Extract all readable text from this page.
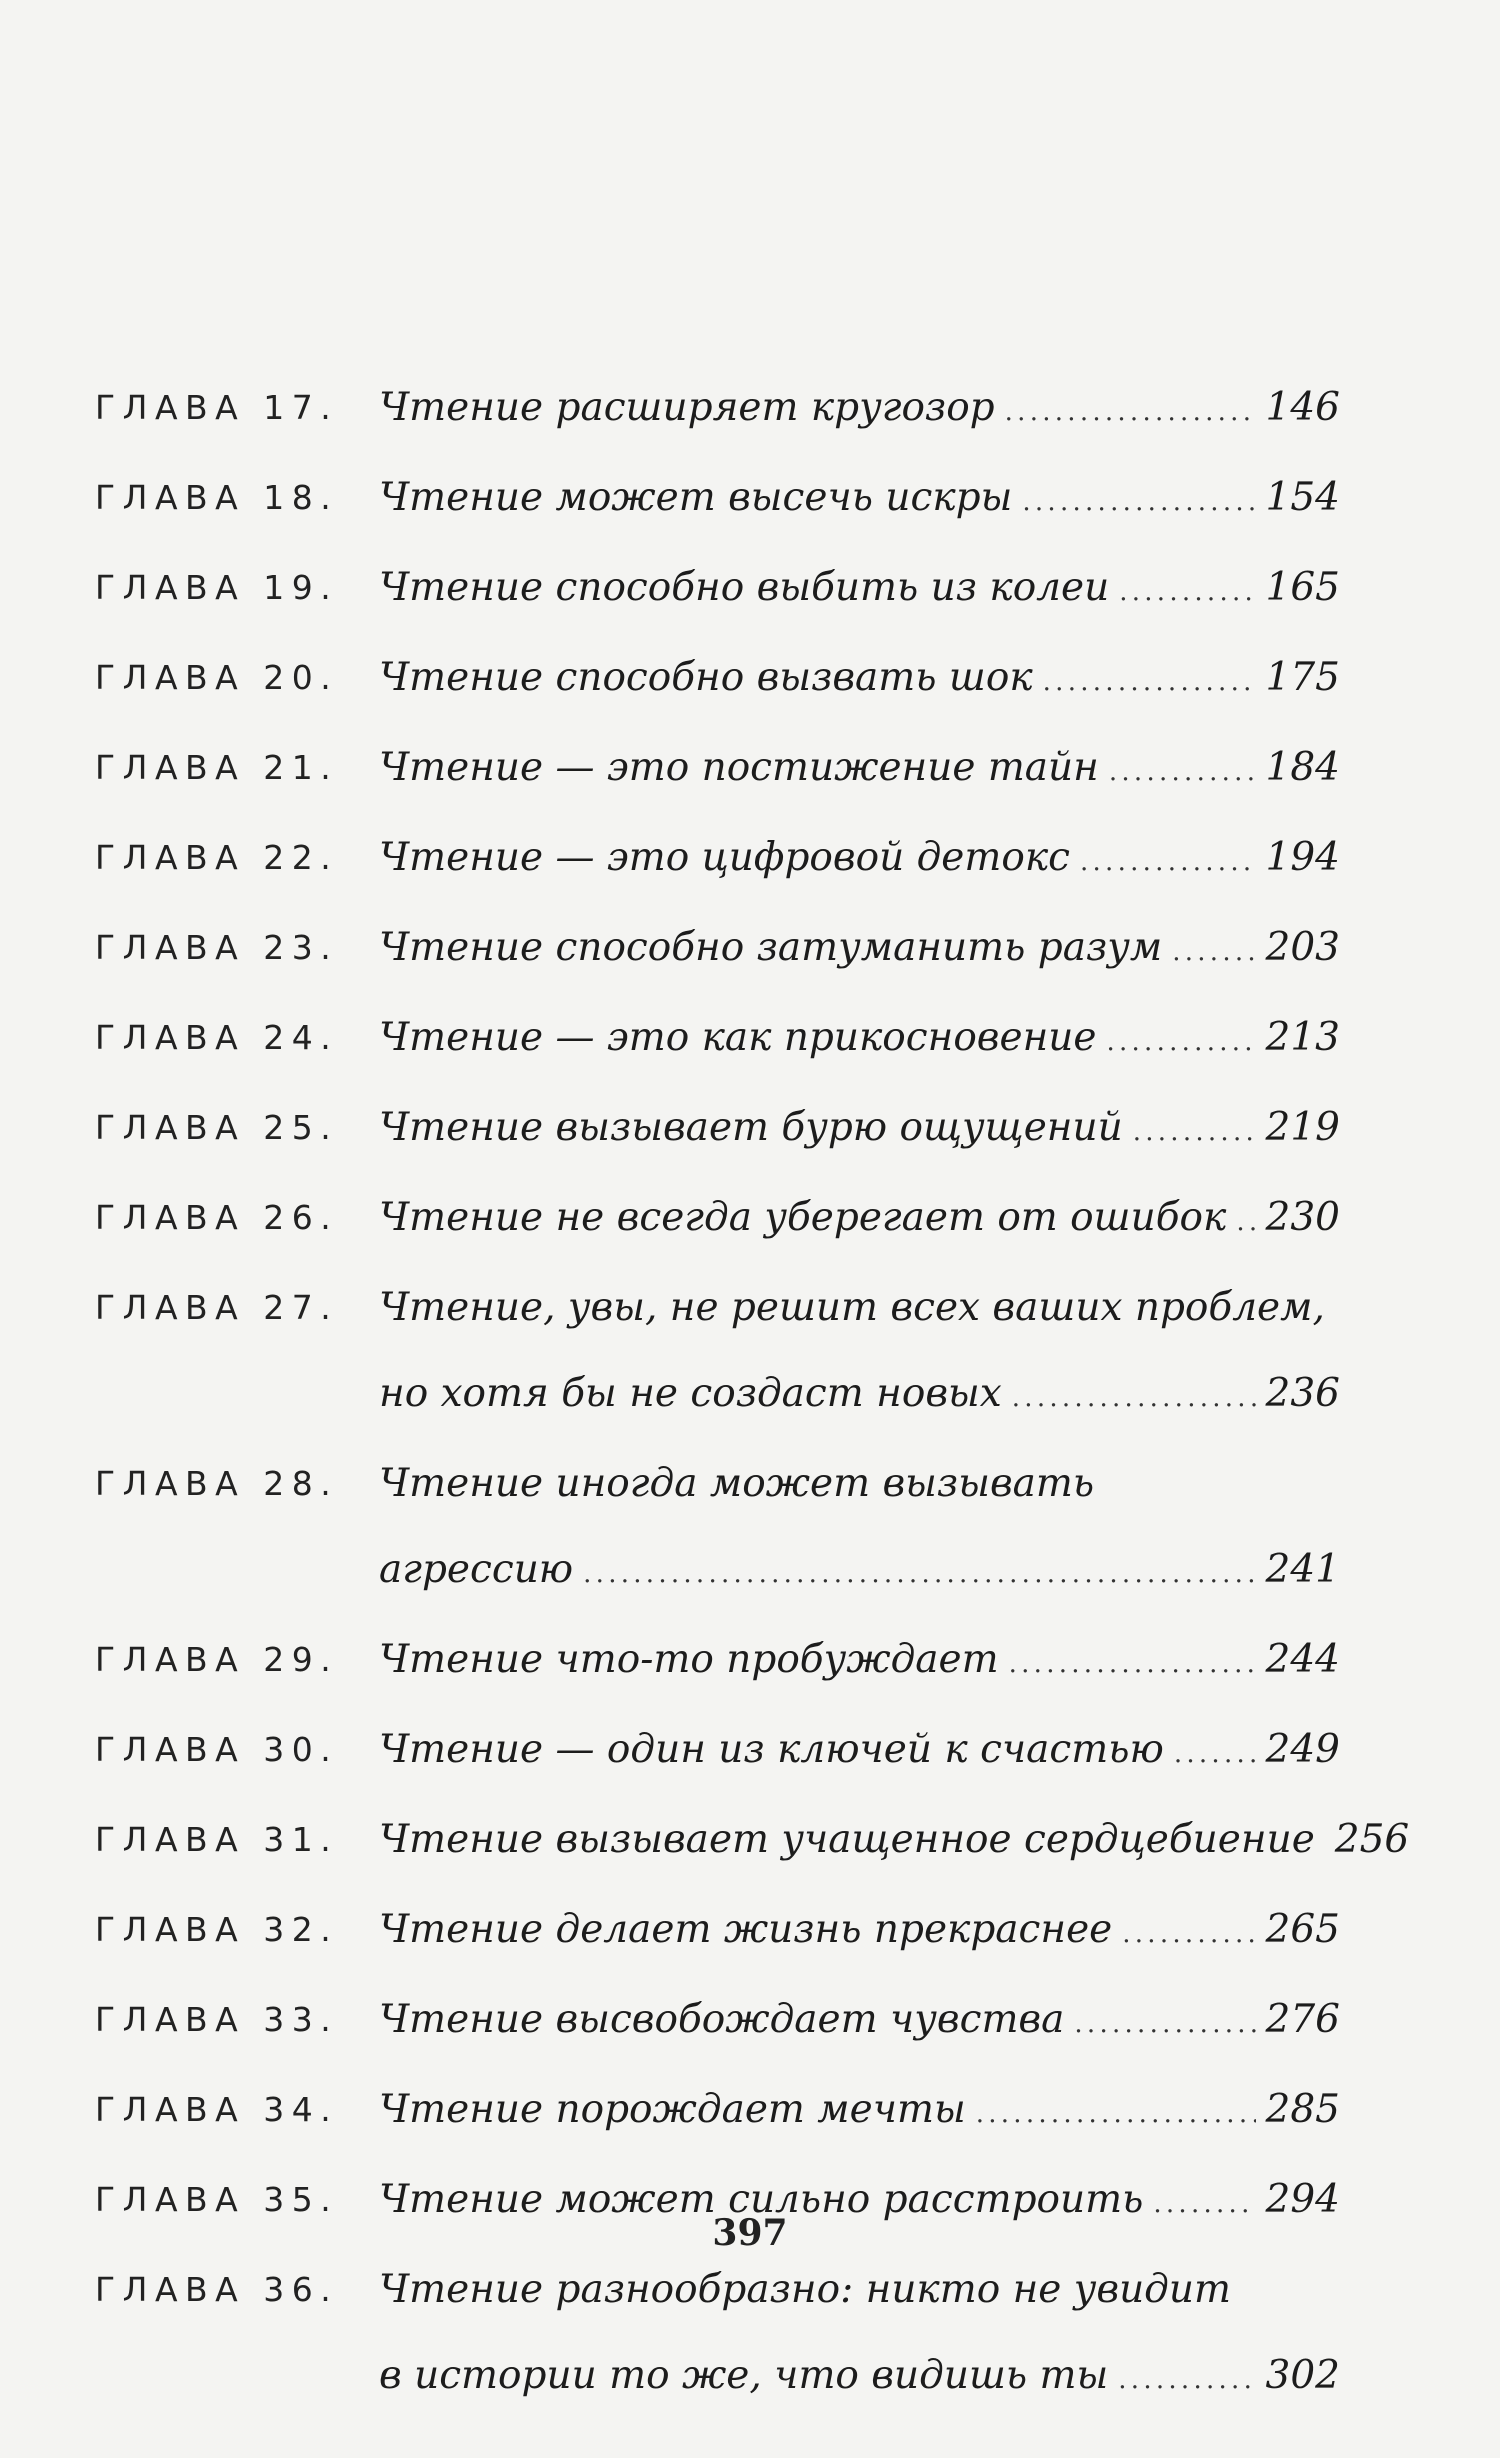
ГЛАВА 17.	Чтение расширяет кругозор . . .	146
ГЛАВА 18.	Чтение может высечь искры . . .	154
ГЛАВА 19.	Чтение способно выбить из колеи . . .	165
ГЛАВА 20.	Чтение способно вызвать шок . . .	175
ГЛАВА 21.	Чтение — это постижение тайн . . .	184
ГЛАВА 22.	Чтение — это цифровой детокс . . .	194
ГЛАВА 23.	Чтение способно затуманить разум . . .	203
ГЛАВА 24.	Чтение — это как прикосновение . . .	213
ГЛАВА 25.	Чтение вызывает бурю ощущений . . .	219
ГЛАВА 26.	Чтение не всегда уберегает от ошибок . . . 230
ГЛАВА 27.	Чтение, увы, не решит всех ваших проблем,
но хотя бы не создаст новых . . .	236
ГЛАВА 28.	Чтение иногда может вызывать
агрессию . . .	241
ГЛАВА 29.	Чтение что-то пробуждает . . .	244
ГЛАВА 30.	Чтение — один из ключей к счастью . . .	249
ГЛАВА 31.	Чтение вызывает учащенное сердцебиение 256
ГЛАВА 32.	Чтение делает жизнь прекраснее . . .	265
ГЛАВА 33.	Чтение высвобождает чувства . . .	276
ГЛАВА 34.	Чтение порождает мечты . . .	285
ГЛАВА 35.	Чтение может сильно расстроить . . .	294
ГЛАВА 36.	Чтение разнообразно: никто не увидит
в истории то же, что видишь ты . . .	302
397
